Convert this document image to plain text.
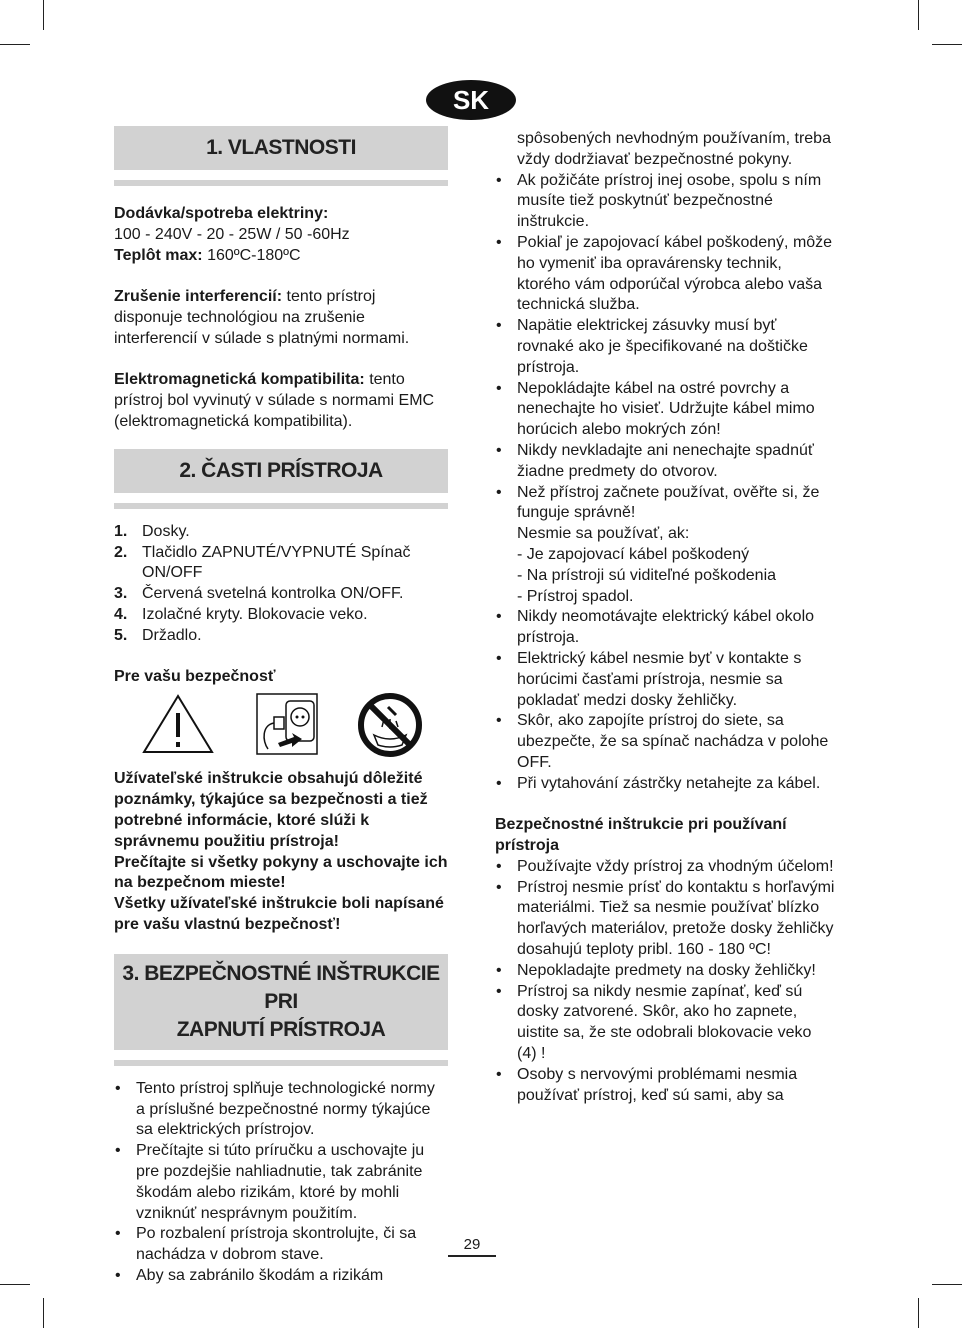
SK
1. VLASTNOSTI

Dodávka/spotreba elektriny:

100 - 240V - 20 - 25W / 50 -60Hz

Teplôt max: 160ºC-180ºC

Zrušenie interferencií: tento prístroj disponuje technológiou na zrušenie interferencií v súlade s platnými normami.

Elektromagnetická kompatibilita: tento prístroj bol vyvinutý v súlade s normami EMC (elektromagnetická kompatibilita).

2. ČASTI PRÍSTROJA
1. Dosky.
2. Tlačidlo ZAPNUTÉ/VYPNUTÉ Spínač ON/OFF
3. Červená svetelná kontrolka ON/OFF.
4. Izolačné kryty. Blokovacie veko.
5. Držadlo.

Pre vašu bezpečnosť

Užívateľské inštrukcie obsahujú dôležité poznámky, týkajúce sa bezpečnosti a tiež potrebné informácie, ktoré slúži k správnemu použitiu prístroja!

Prečítajte si všetky pokyny a uschovajte ich na bezpečnom mieste!

Všetky užívateľské inštrukcie boli napísané pre vašu vlastnú bezpečnosť!

3. BEZPEČNOSTNÉ INŠTRUKCIE PRI
ZAPNUTÍ PRÍSTROJA
• Tento prístroj splňuje technologické normy a príslušné bezpečnostné normy týkajúce sa elektrických prístrojov.
• Prečítajte si túto príručku a uschovajte ju pre pozdejšie nahliadnutie, tak zabránite škodám alebo rizikám, ktoré by mohli vzniknúť nesprávnym použitím.
• Po rozbalení prístroja skontrolujte, či sa nachádza v dobrom stave.
• Aby sa zabránilo škodám a rizikám

spôsobených nevhodným používaním, treba vždy dodržiavať bezpečnostné pokyny.

• Ak požičáte prístroj inej osobe, spolu s ním musíte tiež poskytnúť bezpečnostné inštrukcie.
• Pokiaľ je zapojovací kábel poškodený, môže ho vymeniť iba opravárensky technik, ktorého vám odporúčal výrobca alebo vaša technická služba.
• Napätie elektrickej zásuvky musí byť rovnaké ako je špecifikované na doštičke prístroja.
• Nepokládajte kábel na ostré povrchy a nenechajte ho visieť. Udržujte kábel mimo horúcich alebo mokrých zón!
• Nikdy nevkladajte ani nenechajte spadnúť žiadne predmety do otvorov.
• Než přístroj začnete používat, ověřte si, že funguje správně!
Nesmie sa používať, ak:
- Je zapojovací kábel poškodený
- Na prístroji sú viditeľné poškodenia
- Prístroj spadol.
• Nikdy neomotávajte elektrický kábel okolo prístroja.
• Elektrický kábel nesmie byť v kontakte s horúcimi časťami prístroja, nesmie sa pokladať medzi dosky žehličky.
• Skôr, ako zapojíte prístroj do siete, sa ubezpečte, že sa spínač nachádza v polohe OFF.
• Při vytahování zástrčky netahejte za kábel.

Bezpečnostné inštrukcie pri používaní prístroja

• Používajte vždy prístroj za vhodným účelom!
• Prístroj nesmie prísť do kontaktu s horľavými materiálmi. Tiež sa nesmie používať blízko horľavých materiálov, pretože dosky žehličky dosahujú teploty pribl. 160 - 180 ºC!
• Nepokladajte predmety na dosky žehličky!
• Prístroj sa nikdy nesmie zapínať, keď sú dosky zatvorené. Skôr, ako ho zapnete, uistite sa, že ste odobrali blokovacie veko (4) !
• Osoby s nervovými problémami nesmia používať prístroj, keď sú sami, aby sa
29
